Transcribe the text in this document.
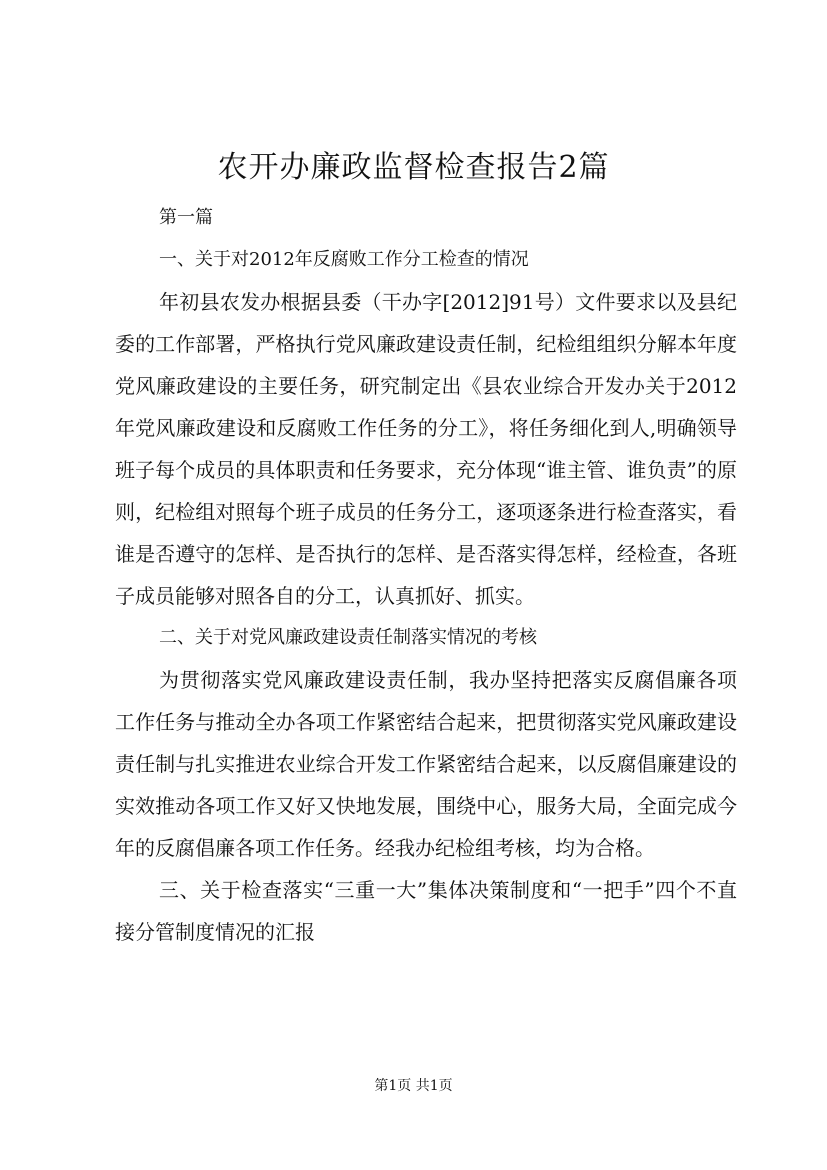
农开办廉政监督检查报告2篇

第一篇

一、关于对2012年反腐败工作分工检查的情况

年初县农发办根据县委（干办字[2012]91号）文件要求以及县纪委的工作部署，严格执行党风廉政建设责任制，纪检组组织分解本年度党风廉政建设的主要任务，研究制定出《县农业综合开发办关于2012年党风廉政建设和反腐败工作任务的分工》，将任务细化到人,明确领导班子每个成员的具体职责和任务要求，充分体现“谁主管、谁负责”的原则，纪检组对照每个班子成员的任务分工，逐项逐条进行检查落实，看谁是否遵守的怎样、是否执行的怎样、是否落实得怎样，经检查，各班子成员能够对照各自的分工，认真抓好、抓实。

二、关于对党风廉政建设责任制落实情况的考核

为贯彻落实党风廉政建设责任制，我办坚持把落实反腐倡廉各项工作任务与推动全办各项工作紧密结合起来，把贯彻落实党风廉政建设责任制与扎实推进农业综合开发工作紧密结合起来，以反腐倡廉建设的实效推动各项工作又好又快地发展，围绕中心，服务大局，全面完成今年的反腐倡廉各项工作任务。经我办纪检组考核，均为合格。

三、关于检查落实“三重一大”集体决策制度和“一把手”四个不直接分管制度情况的汇报

第1页 共1页
